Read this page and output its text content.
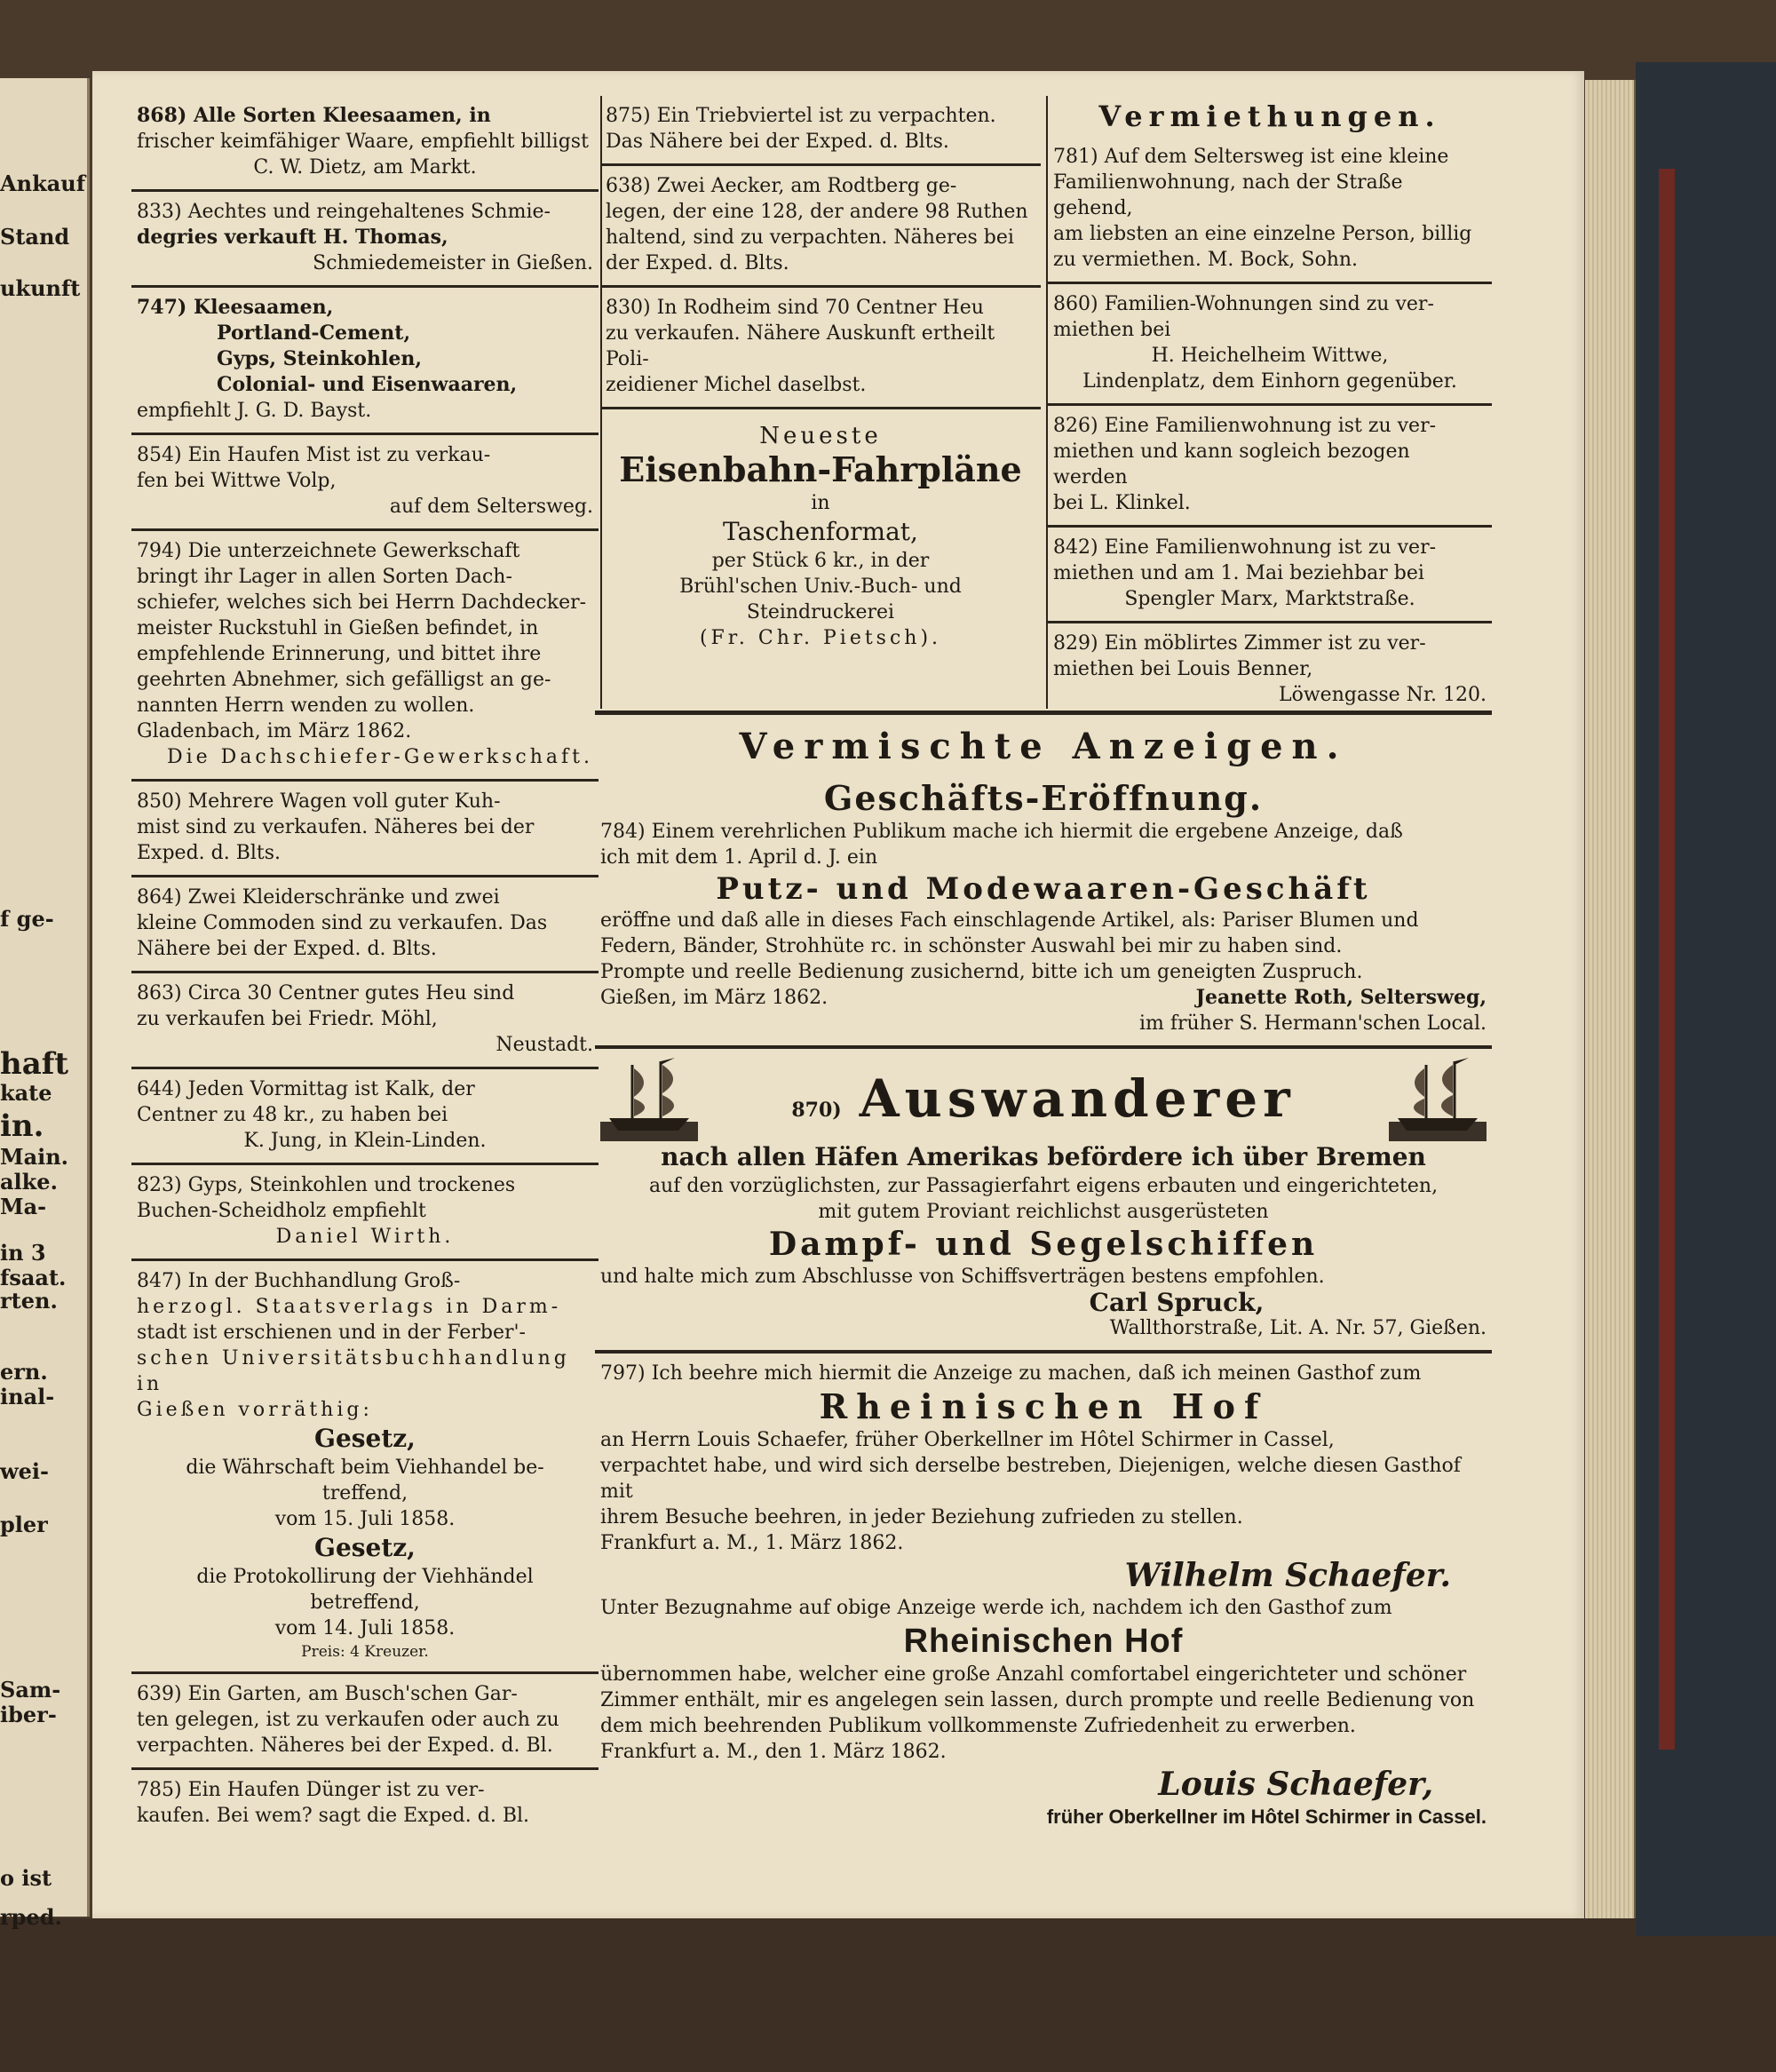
Ankauf
Stand
ukunft
f ge-
haft
kate
in.
Main.
alke.
Ma-
in 3
fsaat.
rten.
ern.
inal-
wei-
pler
Sam-
iber-
o ist
rped.

868) Alle Sorten Kleesaamen, in

frischer keimfähiger Waare, empfiehlt billigst

C. W. Dietz, am Markt.

833) Aechtes und reingehaltenes Schmie-

degries verkauft H. Thomas,

Schmiedemeister in Gießen.

747) Kleesaamen,

Portland-Cement,

Gyps, Steinkohlen,

Colonial- und Eisenwaaren,

empfiehlt J. G. D. Bayst.

854) Ein Haufen Mist ist zu verkau-

fen bei Wittwe Volp,

auf dem Seltersweg.

794) Die unterzeichnete Gewerkschaft

bringt ihr Lager in allen Sorten Dach-

schiefer, welches sich bei Herrn Dachdecker-

meister Ruckstuhl in Gießen befindet, in

empfehlende Erinnerung, und bittet ihre

geehrten Abnehmer, sich gefälligst an ge-

nannten Herrn wenden zu wollen.

Gladenbach, im März 1862.

Die Dachschiefer-Gewerkschaft.

850) Mehrere Wagen voll guter Kuh-

mist sind zu verkaufen. Näheres bei der

Exped. d. Blts.

864) Zwei Kleiderschränke und zwei

kleine Commoden sind zu verkaufen. Das

Nähere bei der Exped. d. Blts.

863) Circa 30 Centner gutes Heu sind

zu verkaufen bei Friedr. Möhl,

Neustadt.

644) Jeden Vormittag ist Kalk, der

Centner zu 48 kr., zu haben bei

K. Jung, in Klein-Linden.

823) Gyps, Steinkohlen und trockenes

Buchen-Scheidholz empfiehlt

Daniel Wirth.

847) In der Buchhandlung Groß-

herzogl. Staatsverlags in Darm-

stadt ist erschienen und in der Ferber'-

schen Universitätsbuchhandlung in

Gießen vorräthig:

Gesetz,

die Währschaft beim Viehhandel be-

treffend,

vom 15. Juli 1858.

Gesetz,

die Protokollirung der Viehhändel

betreffend,

vom 14. Juli 1858.

Preis: 4 Kreuzer.

639) Ein Garten, am Busch'schen Gar-

ten gelegen, ist zu verkaufen oder auch zu

verpachten. Näheres bei der Exped. d. Bl.

785) Ein Haufen Dünger ist zu ver-

kaufen. Bei wem? sagt die Exped. d. Bl.

875) Ein Triebviertel ist zu verpachten.

Das Nähere bei der Exped. d. Blts.

638) Zwei Aecker, am Rodtberg ge-

legen, der eine 128, der andere 98 Ruthen

haltend, sind zu verpachten. Näheres bei

der Exped. d. Blts.

830) In Rodheim sind 70 Centner Heu

zu verkaufen. Nähere Auskunft ertheilt Poli-

zeidiener Michel daselbst.

Neueste

Eisenbahn-Fahrpläne

in

Taschenformat,

per Stück 6 kr., in der

Brühl'schen Univ.-Buch- und Steindruckerei

(Fr. Chr. Pietsch).

Vermiethungen.

781) Auf dem Seltersweg ist eine kleine

Familienwohnung, nach der Straße gehend,

am liebsten an eine einzelne Person, billig

zu vermiethen. M. Bock, Sohn.

860) Familien-Wohnungen sind zu ver-

miethen bei

H. Heichelheim Wittwe,

Lindenplatz, dem Einhorn gegenüber.

826) Eine Familienwohnung ist zu ver-

miethen und kann sogleich bezogen werden

bei L. Klinkel.

842) Eine Familienwohnung ist zu ver-

miethen und am 1. Mai beziehbar bei

Spengler Marx, Marktstraße.

829) Ein möblirtes Zimmer ist zu ver-

miethen bei Louis Benner,

Löwengasse Nr. 120.

Vermischte Anzeigen.

Geschäfts-Eröffnung.

784) Einem verehrlichen Publikum mache ich hiermit die ergebene Anzeige, daß

ich mit dem 1. April d. J. ein

Putz- und Modewaaren-Geschäft

eröffne und daß alle in dieses Fach einschlagende Artikel, als: Pariser Blumen und

Federn, Bänder, Strohhüte rc. in schönster Auswahl bei mir zu haben sind.

Prompte und reelle Bedienung zusichernd, bitte ich um geneigten Zuspruch.

Gießen, im März 1862.	Jeanette Roth, Seltersweg,

im früher S. Hermann'schen Local.

870) Auswanderer

nach allen Häfen Amerikas befördere ich über Bremen

auf den vorzüglichsten, zur Passagierfahrt eigens erbauten und eingerichteten,

mit gutem Proviant reichlichst ausgerüsteten

Dampf- und Segelschiffen

und halte mich zum Abschlusse von Schiffsverträgen bestens empfohlen.

Carl Spruck,

Wallthorstraße, Lit. A. Nr. 57, Gießen.

797) Ich beehre mich hiermit die Anzeige zu machen, daß ich meinen Gasthof zum

Rheinischen Hof

an Herrn Louis Schaefer, früher Oberkellner im Hôtel Schirmer in Cassel,

verpachtet habe, und wird sich derselbe bestreben, Diejenigen, welche diesen Gasthof mit

ihrem Besuche beehren, in jeder Beziehung zufrieden zu stellen.

Frankfurt a. M., 1. März 1862.

Wilhelm Schaefer.

Unter Bezugnahme auf obige Anzeige werde ich, nachdem ich den Gasthof zum

Rheinischen Hof

übernommen habe, welcher eine große Anzahl comfortabel eingerichteter und schöner

Zimmer enthält, mir es angelegen sein lassen, durch prompte und reelle Bedienung von

dem mich beehrenden Publikum vollkommenste Zufriedenheit zu erwerben.

Frankfurt a. M., den 1. März 1862.

Louis Schaefer,

früher Oberkellner im Hôtel Schirmer in Cassel.
